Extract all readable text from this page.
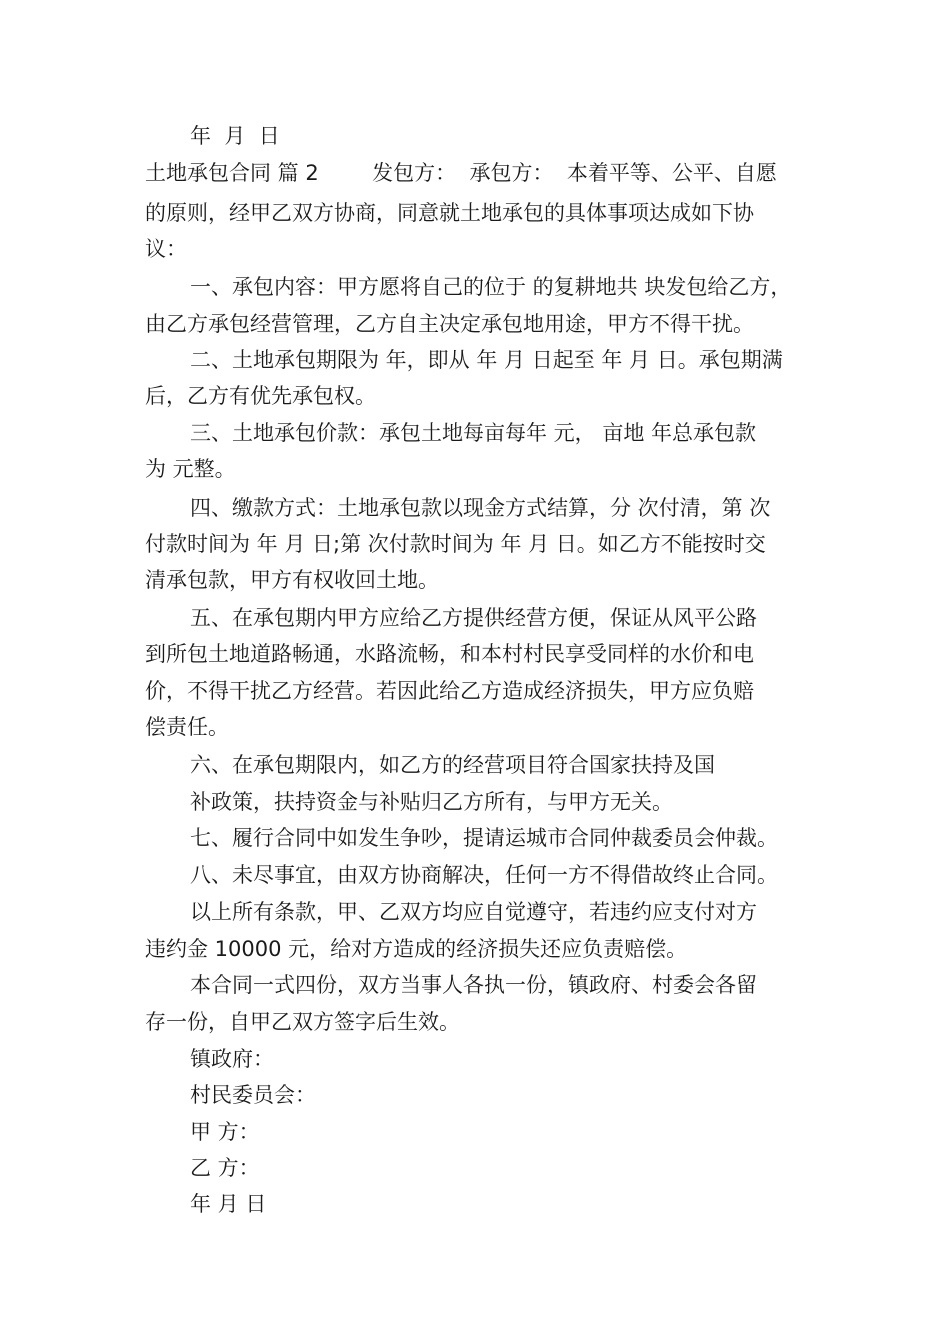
年  月  日
土地承包合同 篇 2        发包方：  承包方：  本着平等、公平、自愿
的原则，经甲乙双方协商，同意就土地承包的具体事项达成如下协
议：
一、承包内容：甲方愿将自己的位于 的复耕地共 块发包给乙方，
由乙方承包经营管理，乙方自主决定承包地用途，甲方不得干扰。
二、土地承包期限为 年，即从 年 月 日起至 年 月 日。承包期满
后，乙方有优先承包权。
三、土地承包价款：承包土地每亩每年 元， 亩地 年总承包款
为 元整。
四、缴款方式：土地承包款以现金方式结算，分 次付清，第 次
付款时间为 年 月 日;第 次付款时间为 年 月 日。如乙方不能按时交
清承包款，甲方有权收回土地。
五、在承包期内甲方应给乙方提供经营方便，保证从风平公路
到所包土地道路畅通，水路流畅，和本村村民享受同样的水价和电
价，不得干扰乙方经营。若因此给乙方造成经济损失，甲方应负赔
偿责任。
六、在承包期限内，如乙方的经营项目符合国家扶持及国
补政策，扶持资金与补贴归乙方所有，与甲方无关。
七、履行合同中如发生争吵，提请运城市合同仲裁委员会仲裁。
八、未尽事宜，由双方协商解决，任何一方不得借故终止合同。
以上所有条款，甲、乙双方均应自觉遵守，若违约应支付对方
违约金 10000 元，给对方造成的经济损失还应负责赔偿。
本合同一式四份，双方当事人各执一份，镇政府、村委会各留
存一份，自甲乙双方签字后生效。
镇政府：
村民委员会：
甲 方：
乙 方：
年 月 日
